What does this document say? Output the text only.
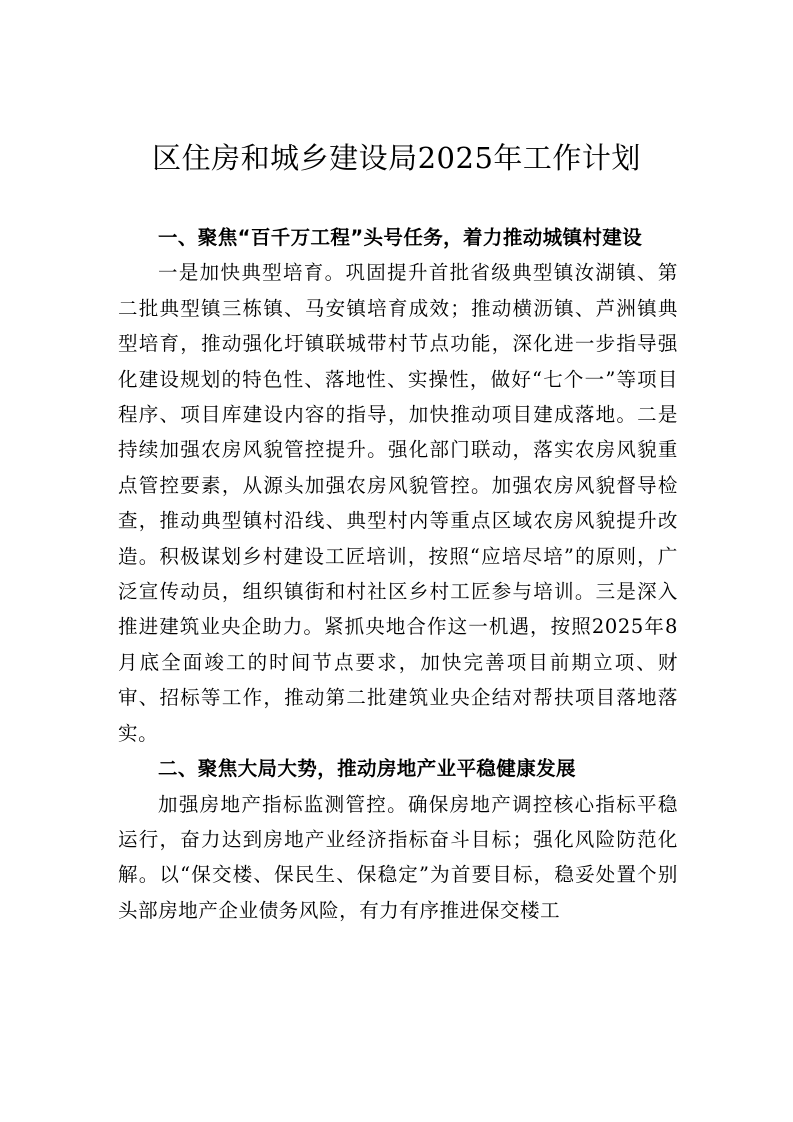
区住房和城乡建设局2025年工作计划

一、聚焦“百千万工程”头号任务，着力推动城镇村建设

一是加快典型培育。巩固提升首批省级典型镇汝湖镇、第二批典型镇三栋镇、马安镇培育成效；推动横沥镇、芦洲镇典型培育，推动强化圩镇联城带村节点功能，深化进一步指导强化建设规划的特色性、落地性、实操性，做好“七个一”等项目程序、项目库建设内容的指导，加快推动项目建成落地。二是持续加强农房风貌管控提升。强化部门联动，落实农房风貌重点管控要素，从源头加强农房风貌管控。加强农房风貌督导检查，推动典型镇村沿线、典型村内等重点区域农房风貌提升改造。积极谋划乡村建设工匠培训，按照“应培尽培”的原则，广泛宣传动员，组织镇街和村社区乡村工匠参与培训。三是深入推进建筑业央企助力。紧抓央地合作这一机遇，按照2025年8月底全面竣工的时间节点要求，加快完善项目前期立项、财审、招标等工作，推动第二批建筑业央企结对帮扶项目落地落实。

二、聚焦大局大势，推动房地产业平稳健康发展

加强房地产指标监测管控。确保房地产调控核心指标平稳运行，奋力达到房地产业经济指标奋斗目标；强化风险防范化解。以“保交楼、保民生、保稳定”为首要目标，稳妥处置个别头部房地产企业债务风险，有力有序推进保交楼工
